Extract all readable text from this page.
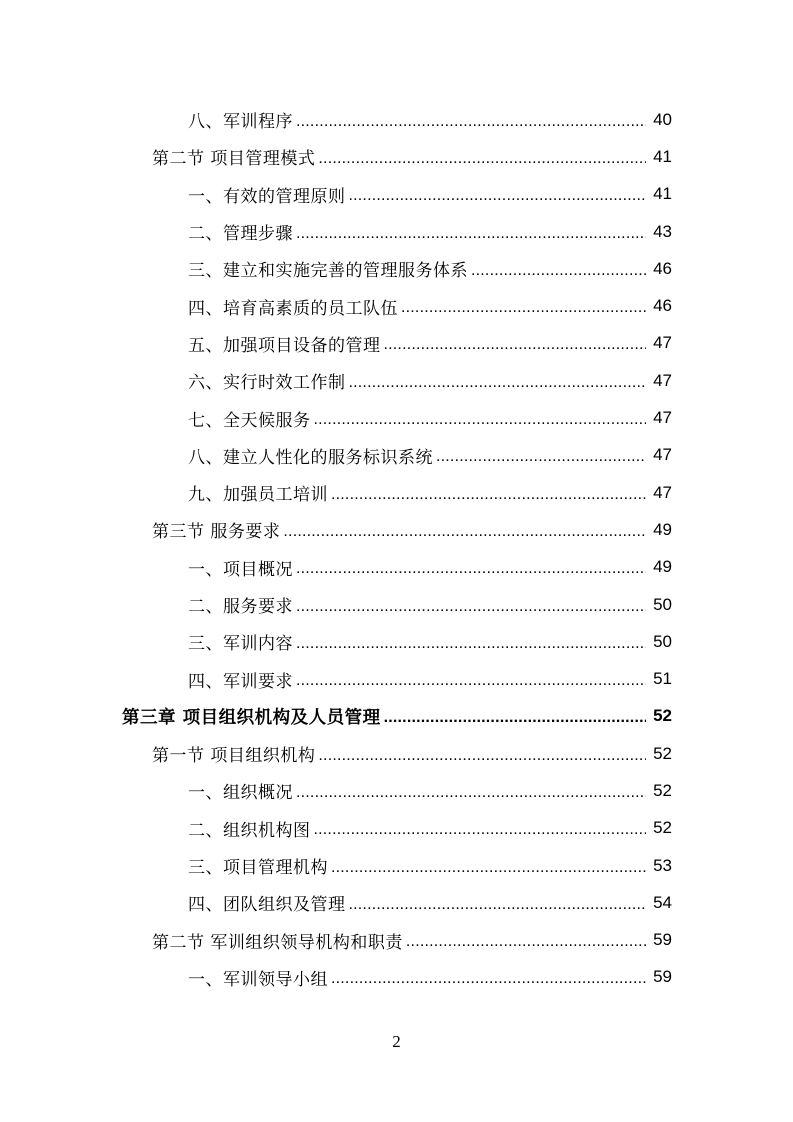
八、军训程序 .....	40
第二节 项目管理模式 .....	41
一、有效的管理原则 .....	41
二、管理步骤 .....	43
三、建立和实施完善的管理服务体系 .....	46
四、培育高素质的员工队伍 .....	46
五、加强项目设备的管理 .....	47
六、实行时效工作制 .....	47
七、全天候服务 .....	47
八、建立人性化的服务标识系统 .....	47
九、加强员工培训 .....	47
第三节 服务要求 .....	49
一、项目概况 .....	49
二、服务要求 .....	50
三、军训内容 .....	50
四、军训要求 .....	51
第三章 项目组织机构及人员管理 .....	52
第一节 项目组织机构 .....	52
一、组织概况 .....	52
二、组织机构图 .....	52
三、项目管理机构 .....	53
四、团队组织及管理 .....	54
第二节 军训组织领导机构和职责 .....	59
一、军训领导小组 .....	59
2
